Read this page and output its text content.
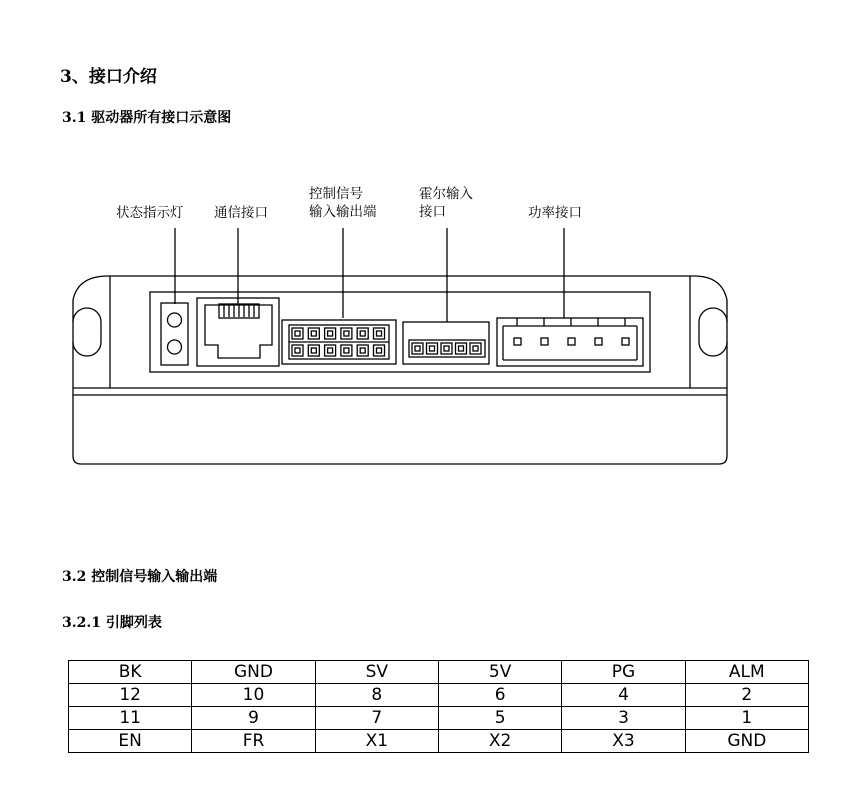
3、接口介绍
3.1 驱动器所有接口示意图
状态指示灯 通信接口
控制信号
输入输出端
霍尔输入
接口	功率接口
3.2 控制信号输入输出端
3.2.1 引脚列表
BK	GND	SV	5V	PG	ALM
12	10	8	6	4	2
11	9	7	5	3	1
EN	FR	X1	X2	X3	GND
